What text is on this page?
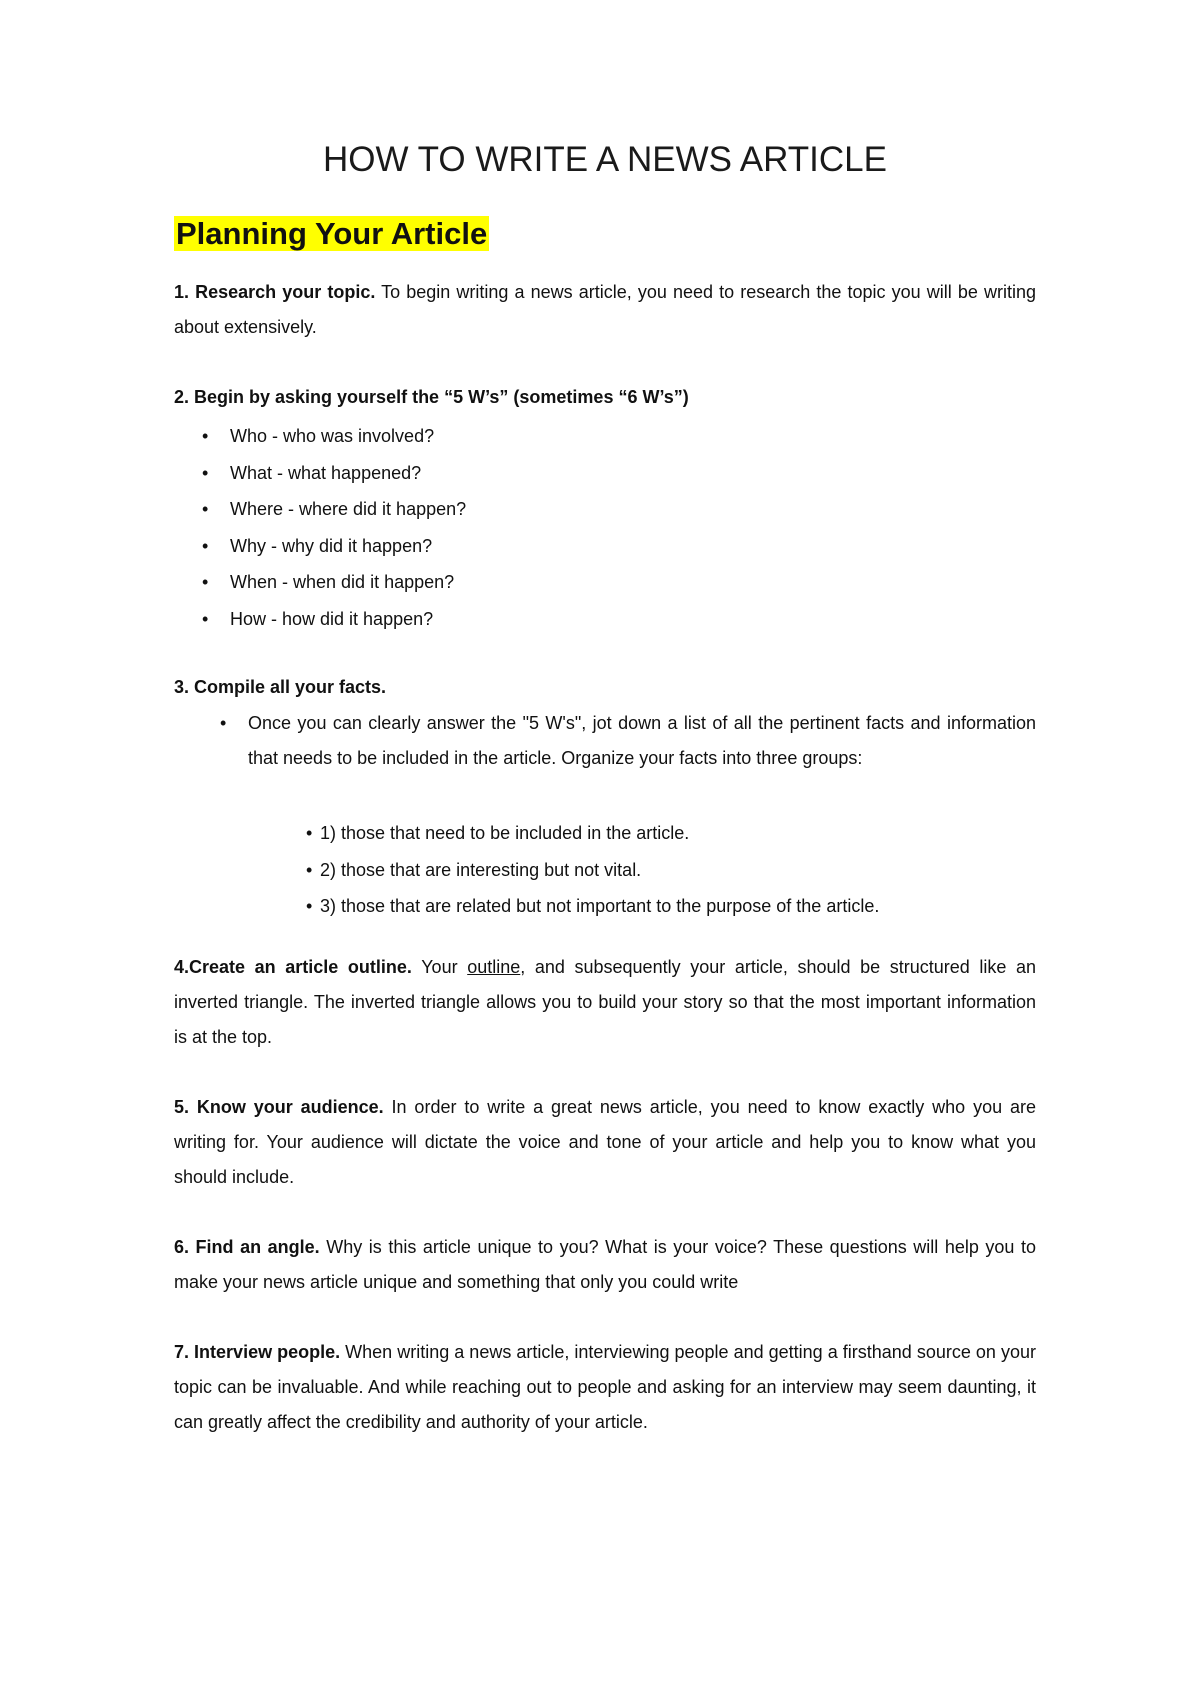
HOW TO WRITE A NEWS ARTICLE
Planning Your Article

1. Research your topic. To begin writing a news article, you need to research the topic you will be writing about extensively.

2. Begin by asking yourself the “5 W’s” (sometimes “6 W’s”)

• Who - who was involved?
• What - what happened?
• Where - where did it happen?
• Why - why did it happen?
• When - when did it happen?
• How - how did it happen?

3. Compile all your facts.

• Once you can clearly answer the "5 W's", jot down a list of all the pertinent facts and information that needs to be included in the article. Organize your facts into three groups:
• 1) those that need to be included in the article.
• 2) those that are interesting but not vital.
• 3) those that are related but not important to the purpose of the article.

4.Create an article outline. Your outline, and subsequently your article, should be structured like an inverted triangle. The inverted triangle allows you to build your story so that the most important information is at the top.

5. Know your audience. In order to write a great news article, you need to know exactly who you are writing for. Your audience will dictate the voice and tone of your article and help you to know what you should include.

6. Find an angle. Why is this article unique to you? What is your voice? These questions will help you to make your news article unique and something that only you could write

7. Interview people. When writing a news article, interviewing people and getting a firsthand source on your topic can be invaluable. And while reaching out to people and asking for an interview may seem daunting, it can greatly affect the credibility and authority of your article.
